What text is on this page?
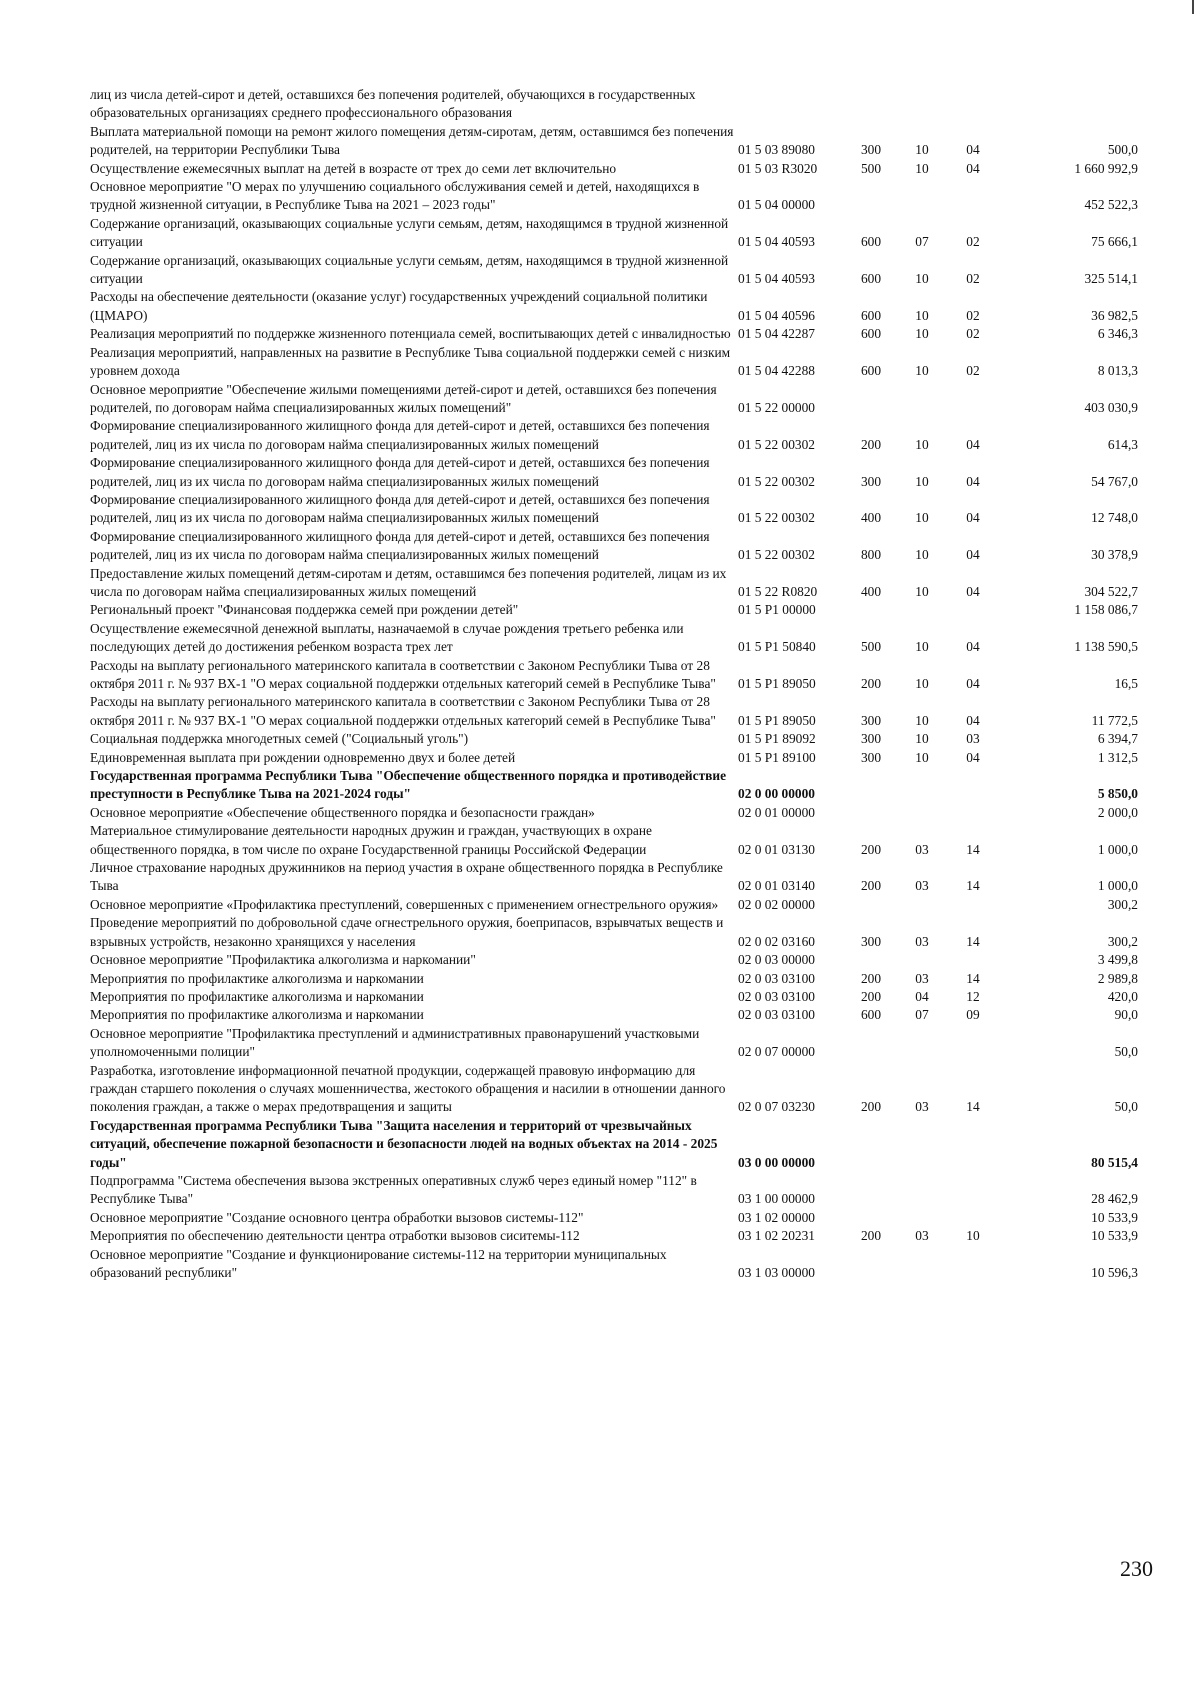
лиц из числа детей-сирот и детей, оставшихся без попечения родителей, обучающихся в государственных образовательных организациях среднего профессионального образования					
Выплата материальной помощи на ремонт жилого помещения детям-сиротам, детям, оставшимся без попечения родителей, на территории Республики Тыва	01 5 03 89080	300	10	04	500,0
Осуществление ежемесячных выплат на детей в возрасте от трех до семи лет включительно	01 5 03 R3020	500	10	04	1 660 992,9
Основное мероприятие "О мерах по улучшению социального обслуживания семей и детей, находящихся в трудной жизненной ситуации, в Республике Тыва на 2021 – 2023 годы"	01 5 04 00000				452 522,3
Содержание организаций, оказывающих социальные услуги семьям, детям, находящимся в трудной жизненной ситуации	01 5 04 40593	600	07	02	75 666,1
Содержание организаций, оказывающих социальные услуги семьям, детям, находящимся в трудной жизненной ситуации	01 5 04 40593	600	10	02	325 514,1
Расходы на обеспечение деятельности (оказание услуг) государственных учреждений социальной политики (ЦМАРО)	01 5 04 40596	600	10	02	36 982,5
Реализация мероприятий по поддержке жизненного потенциала семей, воспитывающих детей с инвалидностью	01 5 04 42287	600	10	02	6 346,3
Реализация мероприятий, направленных на развитие в Республике Тыва социальной поддержки семей с низким уровнем дохода	01 5 04 42288	600	10	02	8 013,3
Основное мероприятие "Обеспечение жилыми помещениями детей-сирот и детей, оставшихся без попечения родителей, по договорам найма специализированных жилых помещений"	01 5 22 00000				403 030,9
Формирование специализированного жилищного фонда для детей-сирот и детей, оставшихся без попечения родителей, лиц из их числа по договорам найма специализированных жилых помещений	01 5 22 00302	200	10	04	614,3
Формирование специализированного жилищного фонда для детей-сирот и детей, оставшихся без попечения родителей, лиц из их числа по договорам найма специализированных жилых помещений	01 5 22 00302	300	10	04	54 767,0
Формирование специализированного жилищного фонда для детей-сирот и детей, оставшихся без попечения родителей, лиц из их числа по договорам найма специализированных жилых помещений	01 5 22 00302	400	10	04	12 748,0
Формирование специализированного жилищного фонда для детей-сирот и детей, оставшихся без попечения родителей, лиц из их числа по договорам найма специализированных жилых помещений	01 5 22 00302	800	10	04	30 378,9
Предоставление жилых помещений детям-сиротам и детям, оставшимся без попечения родителей, лицам из их числа по договорам найма специализированных жилых помещений	01 5 22 R0820	400	10	04	304 522,7
Региональный проект "Финансовая поддержка семей при рождении детей"	01 5 P1 00000				1 158 086,7
Осуществление ежемесячной денежной выплаты, назначаемой в случае рождения третьего ребенка или последующих детей до достижения ребенком возраста трех лет	01 5 P1 50840	500	10	04	1 138 590,5
Расходы на выплату регионального материнского капитала в соответствии с Законом Республики Тыва от 28 октября 2011 г. № 937 ВХ-1 "О мерах социальной поддержки отдельных категорий семей в Республике Тыва"	01 5 P1 89050	200	10	04	16,5
Расходы на выплату регионального материнского капитала в соответствии с Законом Республики Тыва от 28 октября 2011 г. № 937 ВХ-1 "О мерах социальной поддержки отдельных категорий семей в Республике Тыва"	01 5 P1 89050	300	10	04	11 772,5
Социальная поддержка многодетных семей ("Социальный уголь")	01 5 P1 89092	300	10	03	6 394,7
Единовременная выплата при рождении одновременно двух и более детей	01 5 P1 89100	300	10	04	1 312,5
Государственная программа Республики Тыва "Обеспечение общественного порядка и противодействие преступности в Республике Тыва на 2021-2024 годы"	02 0 00 00000				5 850,0
Основное мероприятие «Обеспечение общественного порядка и безопасности граждан»	02 0 01 00000				2 000,0
Материальное стимулирование деятельности народных дружин и граждан, участвующих в охране общественного порядка, в том числе по охране Государственной границы Российской Федерации	02 0 01 03130	200	03	14	1 000,0
Личное страхование народных дружинников на период участия в охране общественного порядка в Республике Тыва	02 0 01 03140	200	03	14	1 000,0
Основное мероприятие «Профилактика преступлений, совершенных с применением огнестрельного оружия»	02 0 02 00000				300,2
Проведение мероприятий по добровольной сдаче огнестрельного оружия, боеприпасов, взрывчатых веществ и взрывных устройств, незаконно хранящихся у населения	02 0 02 03160	300	03	14	300,2
Основное мероприятие "Профилактика алкоголизма и наркомании"	02 0 03 00000				3 499,8
Мероприятия по профилактике алкоголизма и наркомании	02 0 03 03100	200	03	14	2 989,8
Мероприятия по профилактике алкоголизма и наркомании	02 0 03 03100	200	04	12	420,0
Мероприятия по профилактике алкоголизма и наркомании	02 0 03 03100	600	07	09	90,0
Основное мероприятие "Профилактика преступлений и административных правонарушений участковыми уполномоченными полиции"	02 0 07 00000				50,0
Разработка, изготовление информационной печатной продукции, содержащей правовую информацию для граждан старшего поколения о случаях мошенничества, жестокого обращения и насилии в отношении данного поколения граждан, а также о мерах предотвращения и защиты	02 0 07 03230	200	03	14	50,0
Государственная программа Республики Тыва "Защита населения и территорий от чрезвычайных ситуаций, обеспечение пожарной безопасности и безопасности людей на водных объектах на 2014 - 2025 годы"	03 0 00 00000				80 515,4
Подпрограмма "Система обеспечения вызова экстренных оперативных служб через единый номер "112" в Республике Тыва"	03 1 00 00000				28 462,9
Основное мероприятие "Создание основного центра обработки вызовов системы-112"	03 1 02 00000				10 533,9
Мероприятия по обеспечению деятельности центра отработки вызовов сиситемы-112	03 1 02 20231	200	03	10	10 533,9
Основное мероприятие "Создание и функционирование системы-112 на территории муниципальных образований республики"	03 1 03 00000				10 596,3
230
